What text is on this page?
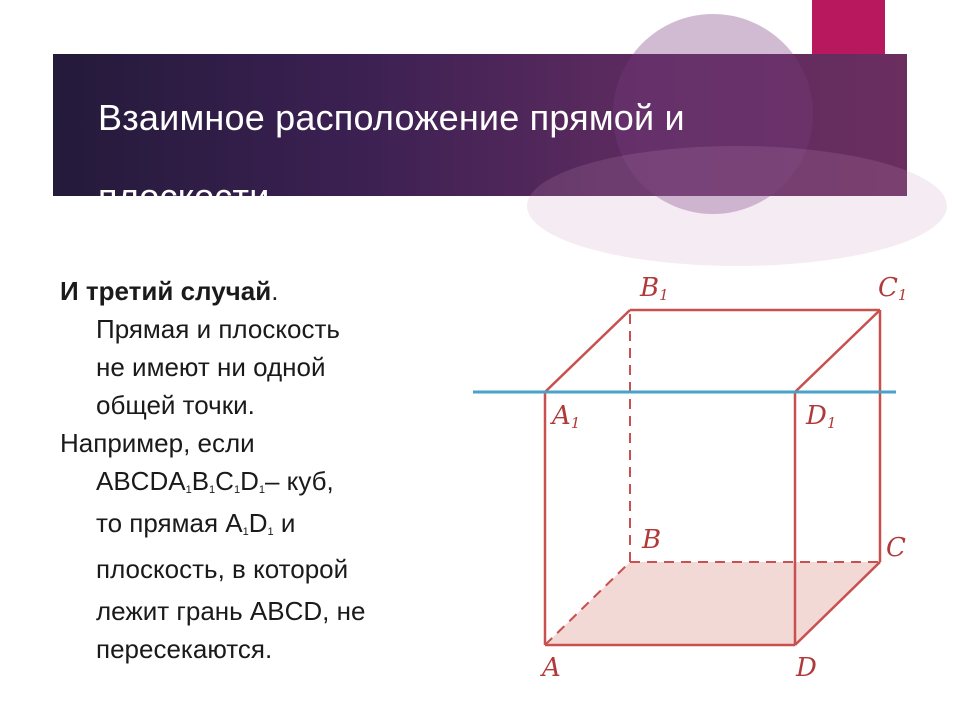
Взаимное расположение прямой и
плоскости

И третий случай.

Прямая и плоскость
не имеют ни одной
общей точки.

Например, если

$ABCDA_1B_1C_1D_1-$ куб,
то прямая $А_1D_1$ и
плоскость, в которой
лежит грань ABCD, не
пересекаются.
B1	C1
A1	D1
B	C
A	D
